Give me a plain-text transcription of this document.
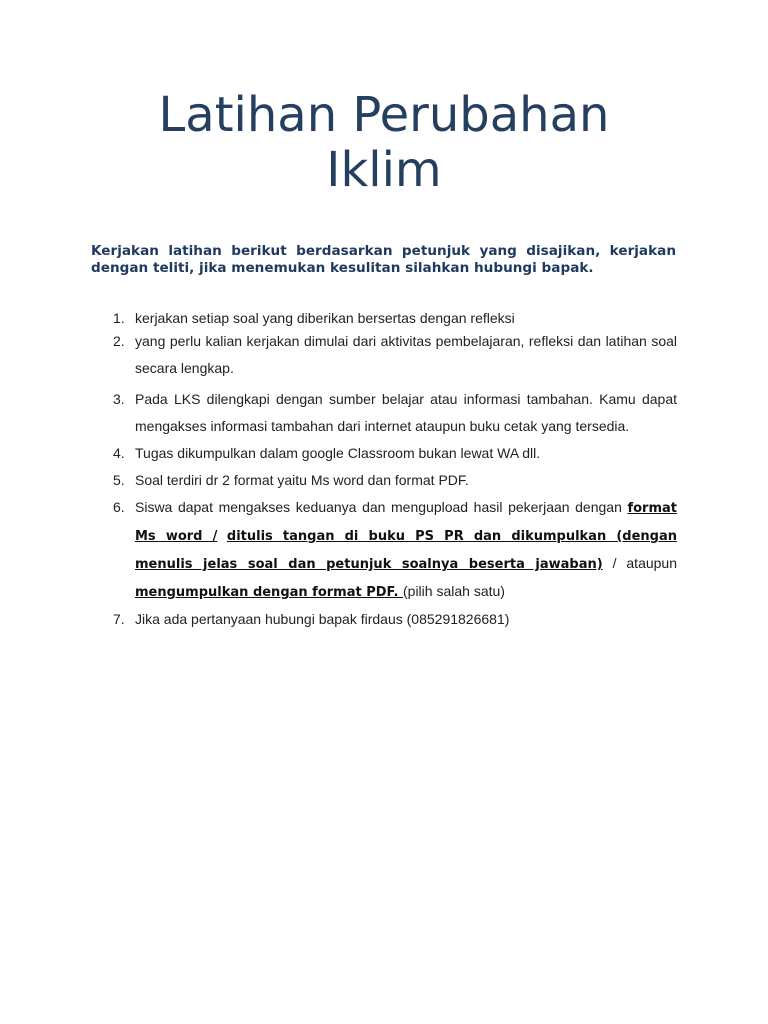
Latihan Perubahan
Iklim
Kerjakan latihan berikut berdasarkan petunjuk yang disajikan, kerjakan dengan teliti, jika menemukan kesulitan silahkan hubungi bapak.
1. kerjakan setiap soal yang diberikan bersertas dengan refleksi
2. yang perlu kalian kerjakan dimulai dari aktivitas pembelajaran, refleksi dan latihan soal secara lengkap.
3. Pada LKS dilengkapi dengan sumber belajar atau informasi tambahan. Kamu dapat mengakses informasi tambahan dari internet ataupun buku cetak yang tersedia.
4. Tugas dikumpulkan dalam google Classroom bukan lewat WA dll.
5. Soal terdiri dr 2 format yaitu Ms word dan format PDF.
6. Siswa dapat mengakses keduanya dan mengupload hasil pekerjaan dengan format Ms word / ditulis tangan di buku PS PR dan dikumpulkan (dengan menulis jelas soal dan petunjuk soalnya beserta jawaban) / ataupun mengumpulkan dengan format PDF. (pilih salah satu)
7. Jika ada pertanyaan hubungi bapak firdaus (085291826681)
